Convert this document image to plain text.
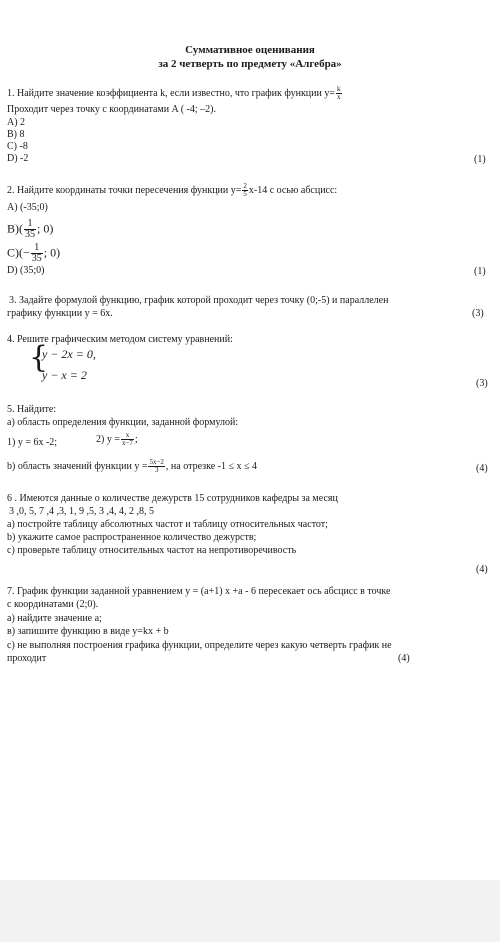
Суммативное оценивания
за 2 четверть по предмету «Алгебра»
1. Найдите значение коэффициента k, если известно, что график функции $y= \frac{k}{x}$
Проходит через точку с координатами A ( -4; –2).
А) 2
В) 8
С) -8
D) -2	(1)
2. Найдите координаты точки пересечения функции $y= \frac{2}{5} x-14$ с осью абсцисс:
А) (-35;0)
$В)( \frac{1}{35}$ ; 0)
$С)(- \frac{1}{35}$ ; 0)
D) (35;0)	(1)
3. Задайте формулой функцию, график которой проходит через точку (0;-5) и параллелен
графику функции y = 6x.	(3)
4. Решите графическим методом систему уравнений:
{
y − 2x = 0,
y − x = 2
(3)
5. Найдите:
а) область определения функции, заданной формулой:
1) y = 6x -2;	2) $y = \frac{x}{x-7}$ ;
b) область значений функции $y = \frac{5x-2}{3}$ , на отрезке -1 ≤ x ≤ 4	(4)
6 . Имеются данные о количестве дежурств 15 сотрудников кафедры за месяц
3 ,0, 5, 7 ,4 ,3, 1, 9 ,5, 3 ,4, 4, 2 ,8, 5
а) постройте таблицу абсолютных частот и таблицу относительных частот;
b) укажите самое распространенное количество дежурств;
c) проверьте таблицу относительных частот на непротиворечивость
(4)
7. График функции заданной уравнением y = (a+1) x +a - 6 пересекает ось абсцисс в точке
с координатами (2;0).
а) найдите значение а;
в) запишите функцию в виде y=kx + b
с) не выполняя построения графика функции, определите через какую четверть график не
проходит	(4)
